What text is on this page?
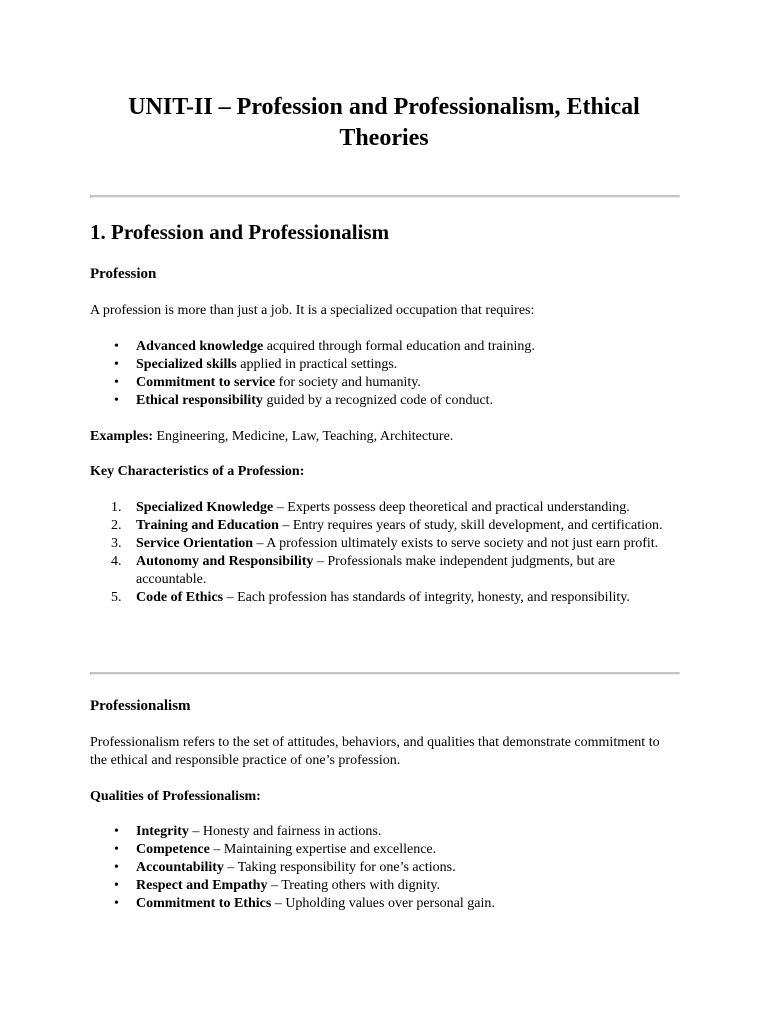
UNIT-II – Profession and Professionalism, Ethical Theories
1. Profession and Professionalism
Profession

A profession is more than just a job. It is a specialized occupation that requires:

• Advanced knowledge acquired through formal education and training.
• Specialized skills applied in practical settings.
• Commitment to service for society and humanity.
• Ethical responsibility guided by a recognized code of conduct.

Examples: Engineering, Medicine, Law, Teaching, Architecture.

Key Characteristics of a Profession:

1. Specialized Knowledge – Experts possess deep theoretical and practical understanding.
2. Training and Education – Entry requires years of study, skill development, and certification.
3. Service Orientation – A profession ultimately exists to serve society and not just earn profit.
4. Autonomy and Responsibility – Professionals make independent judgments, but are accountable.
5. Code of Ethics – Each profession has standards of integrity, honesty, and responsibility.
Professionalism

Professionalism refers to the set of attitudes, behaviors, and qualities that demonstrate commitment to the ethical and responsible practice of one’s profession.

Qualities of Professionalism:

• Integrity – Honesty and fairness in actions.
• Competence – Maintaining expertise and excellence.
• Accountability – Taking responsibility for one’s actions.
• Respect and Empathy – Treating others with dignity.
• Commitment to Ethics – Upholding values over personal gain.
